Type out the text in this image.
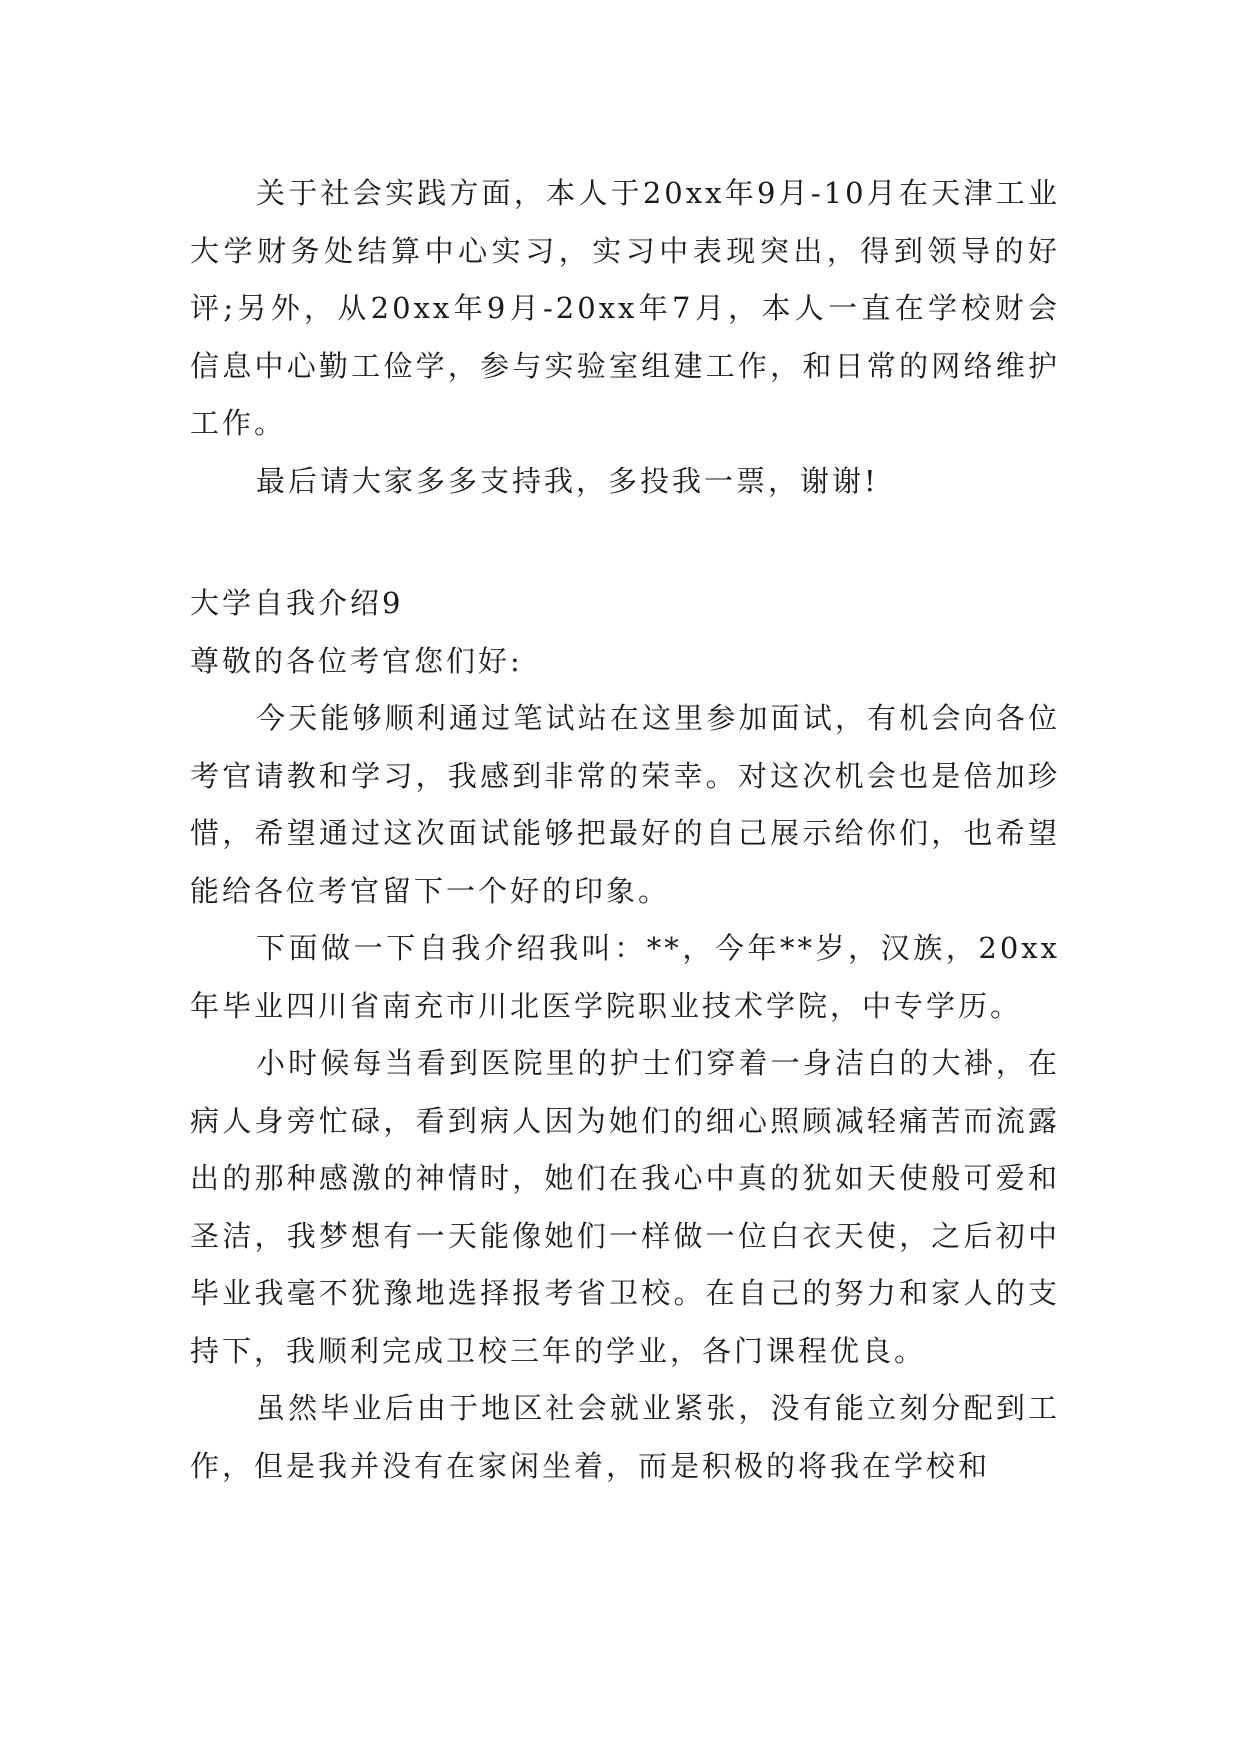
关于社会实践方面，本人于20xx年9月-10月在天津工业大学财务处结算中心实习，实习中表现突出，得到领导的好评;另外，从20xx年9月-20xx年7月，本人一直在学校财会信息中心勤工俭学，参与实验室组建工作，和日常的网络维护工作。

最后请大家多多支持我，多投我一票，谢谢!

大学自我介绍9

尊敬的各位考官您们好:

今天能够顺利通过笔试站在这里参加面试，有机会向各位考官请教和学习，我感到非常的荣幸。对这次机会也是倍加珍惜，希望通过这次面试能够把最好的自己展示给你们，也希望能给各位考官留下一个好的印象。

下面做一下自我介绍我叫：**，今年**岁，汉族，20xx年毕业四川省南充市川北医学院职业技术学院，中专学历。

小时候每当看到医院里的护士们穿着一身洁白的大褂，在病人身旁忙碌，看到病人因为她们的细心照顾减轻痛苦而流露出的那种感激的神情时，她们在我心中真的犹如天使般可爱和圣洁，我梦想有一天能像她们一样做一位白衣天使，之后初中毕业我毫不犹豫地选择报考省卫校。在自己的努力和家人的支持下，我顺利完成卫校三年的学业，各门课程优良。

虽然毕业后由于地区社会就业紧张，没有能立刻分配到工作，但是我并没有在家闲坐着，而是积极的将我在学校和
